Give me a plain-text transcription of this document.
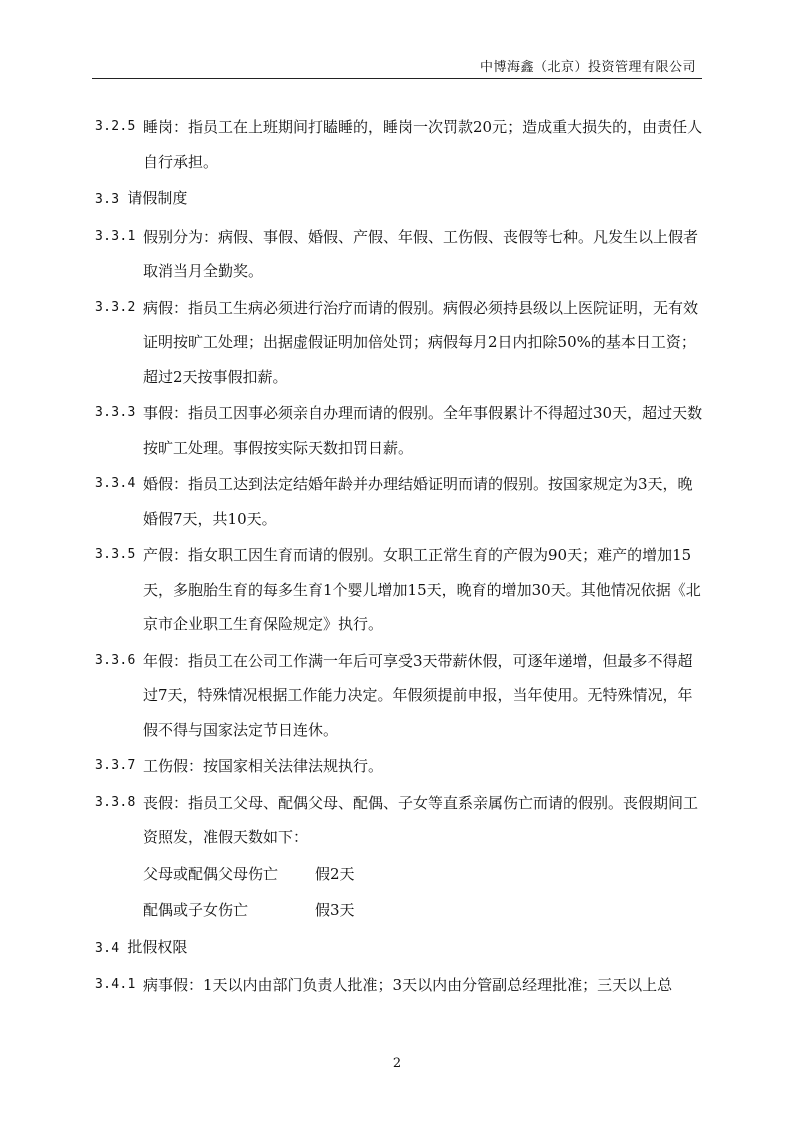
中博海鑫（北京）投资管理有限公司
3.2.5 睡岗：指员工在上班期间打瞌睡的，睡岗一次罚款20元；造成重大损失的，由责任人自行承担。
3.3 请假制度
3.3.1 假别分为：病假、事假、婚假、产假、年假、工伤假、丧假等七种。凡发生以上假者取消当月全勤奖。
3.3.2 病假：指员工生病必须进行治疗而请的假别。病假必须持县级以上医院证明，无有效证明按旷工处理；出据虚假证明加倍处罚；病假每月2日内扣除50%的基本日工资；超过2天按事假扣薪。
3.3.3 事假：指员工因事必须亲自办理而请的假别。全年事假累计不得超过30天，超过天数按旷工处理。事假按实际天数扣罚日薪。
3.3.4 婚假：指员工达到法定结婚年龄并办理结婚证明而请的假别。按国家规定为3天，晚婚假7天，共10天。
3.3.5 产假：指女职工因生育而请的假别。女职工正常生育的产假为90天；难产的增加15天，多胞胎生育的每多生育1个婴儿增加15天，晚育的增加30天。其他情况依据《北京市企业职工生育保险规定》执行。
3.3.6 年假：指员工在公司工作满一年后可享受3天带薪休假，可逐年递增，但最多不得超过7天，特殊情况根据工作能力决定。年假须提前申报，当年使用。无特殊情况，年假不得与国家法定节日连休。
3.3.7 工伤假：按国家相关法律法规执行。
3.3.8 丧假：指员工父母、配偶父母、配偶、子女等直系亲属伤亡而请的假别。丧假期间工资照发，准假天数如下：
父母或配偶父母伤亡 假2天
配偶或子女伤亡	假3天
3.4 批假权限
3.4.1 病事假：1天以内由部门负责人批准；3天以内由分管副总经理批准；三天以上总
2
